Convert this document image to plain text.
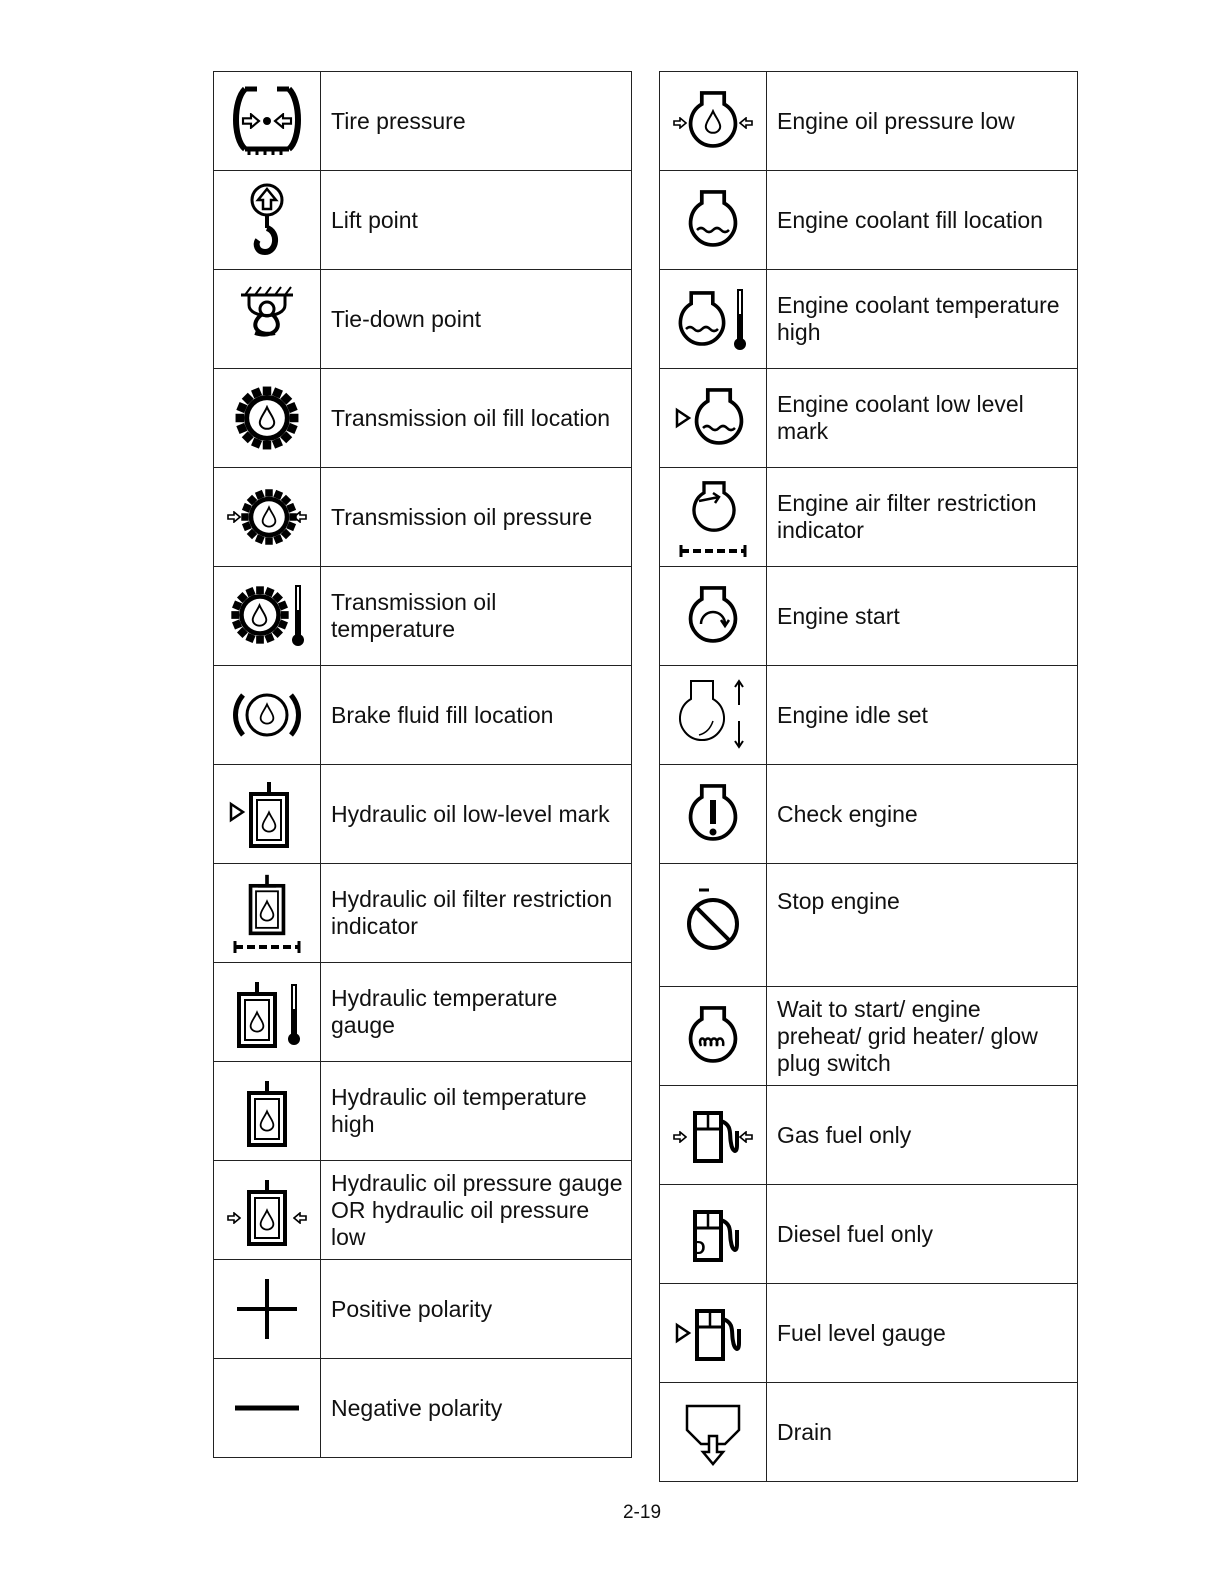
Tire pressure

Lift point

Tie-down point

Transmission oil fill location

Transmission oil pressure

Transmission oil temperature

Brake fluid fill location

Hydraulic oil low-level mark

Hydraulic oil filter restriction indicator

Hydraulic temperature gauge

Hydraulic oil temperature high

Hydraulic oil pressure gauge OR hydraulic oil pressure low

Positive polarity

Negative polarity

Engine oil pressure low

Engine coolant fill location

Engine coolant temperature high

Engine coolant low level mark

Engine air filter restriction indicator

Engine start

Engine idle set

Check engine

Stop engine

Wait to start/ engine preheat/ grid heater/ glow plug switch

Gas fuel only

D	Diesel fuel only

Fuel level gauge

Drain
2-19
